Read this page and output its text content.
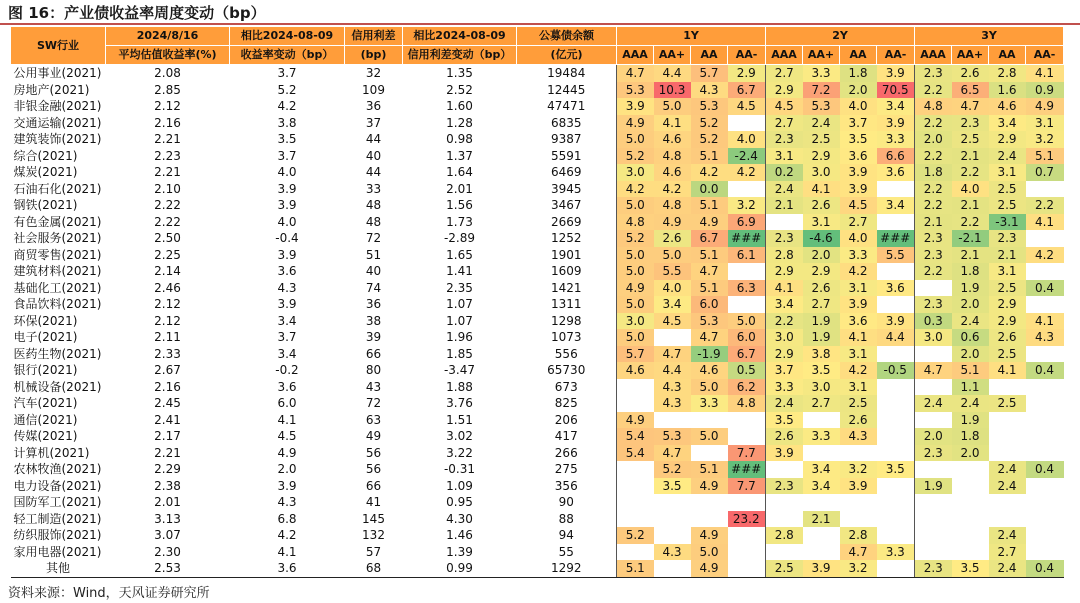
图 16：产业债收益率周度变动（bp）
SW行业	2024/8/16	相比2024-08-09	信用利差	相比2024-08-09	公募债余额	1Y				2Y				3Y			
	平均估值收益率(%)	收益率变动（bp）	(bp)	信用利差变动（bp）	(亿元)	AAA	AA+	AA	AA-	AAA	AA+	AA	AA-	AAA	AA+	AA	AA-
公用事业(2021)	2.08	3.7	32	1.35	19484	4.7	4.4	5.7	2.9	2.7	3.3	1.8	3.9	2.3	2.6	2.8	4.1
房地产(2021)	2.85	5.2	109	2.52	12445	5.3	10.3	4.3	6.7	2.9	7.2	2.0	70.5	2.2	6.5	1.6	0.9
非银金融(2021)	2.12	4.2	36	1.60	47471	3.9	5.0	5.3	4.5	4.5	5.3	4.0	3.4	4.8	4.7	4.6	4.9
交通运输(2021)	2.16	3.8	37	1.28	6835	4.9	4.1	5.2		2.7	2.4	3.7	3.9	2.2	2.3	3.4	3.1
建筑装饰(2021)	2.21	3.5	44	0.98	9387	5.0	4.6	5.2	4.0	2.3	2.5	3.5	3.3	2.0	2.5	2.9	3.2
综合(2021)	2.23	3.7	40	1.37	5591	5.2	4.8	5.1	-2.4	3.1	2.9	3.6	6.6	2.2	2.1	2.4	5.1
煤炭(2021)	2.21	4.0	44	1.64	6469	3.0	4.6	4.2	4.2	0.2	3.0	3.9	3.6	1.8	2.2	3.1	0.7
石油石化(2021)	2.10	3.9	33	2.01	3945	4.2	4.2	0.0		2.4	4.1	3.9		2.2	4.0	2.5	
钢铁(2021)	2.22	3.9	48	1.56	3467	5.0	4.8	5.1	3.2	2.1	2.6	4.5	3.4	2.2	2.1	2.5	2.2
有色金属(2021)	2.22	4.0	48	1.73	2669	4.8	4.9	4.9	6.9		3.1	2.7		2.1	2.2	-3.1	4.1
社会服务(2021)	2.50	-0.4	72	-2.89	1252	5.2	2.6	6.7	###	2.3	-4.6	4.0	###	2.3	-2.1	2.3	
商贸零售(2021)	2.25	3.9	51	1.65	1901	5.0	5.0	5.1	6.1	2.8	2.0	3.3	5.5	2.3	2.1	2.1	4.2
建筑材料(2021)	2.14	3.6	40	1.41	1609	5.0	5.5	4.7		2.9	2.9	4.2		2.2	1.8	3.1	
基础化工(2021)	2.46	4.3	74	2.35	1421	4.9	4.0	5.1	6.3	4.1	2.6	3.1	3.6		1.9	2.5	0.4
食品饮料(2021)	2.12	3.9	36	1.07	1311	5.0	3.4	6.0		3.4	2.7	3.9		2.3	2.0	2.9	
环保(2021)	2.12	3.4	38	1.07	1298	3.0	4.5	5.3	5.0	2.2	1.9	3.6	3.9	0.3	2.4	2.9	4.1
电子(2021)	2.11	3.7	39	1.96	1073	5.0		4.7	6.0	3.0	1.9	4.1	4.4	3.0	0.6	2.6	4.3
医药生物(2021)	2.33	3.4	66	1.85	556	5.7	4.7	-1.9	6.7	2.9	3.8	3.1			2.0	2.5	
银行(2021)	2.67	-0.2	80	-3.47	65730	4.6	4.4	4.6	0.5	3.7	3.5	4.2	-0.5	4.7	5.1	4.1	0.4
机械设备(2021)	2.16	3.6	43	1.88	673		4.3	5.0	6.2	3.3	3.0	3.1			1.1		
汽车(2021)	2.45	6.0	72	3.76	825		4.3	3.3	4.8	2.4	2.7	2.5		2.4	2.4	2.5	
通信(2021)	2.41	4.1	63	1.51	206	4.9				3.5		2.6			1.9		
传媒(2021)	2.17	4.5	49	3.02	417	5.4	5.3	5.0		2.6	3.3	4.3		2.0	1.8		
计算机(2021)	2.21	4.9	56	3.22	266	5.4	4.7		7.7	3.9				2.3	2.0		
农林牧渔(2021)	2.29	2.0	56	-0.31	275		5.2	5.1	###		3.4	3.2	3.5			2.4	0.4
电力设备(2021)	2.38	3.9	66	1.09	356		3.5	4.9	7.7	2.3	3.4	3.9		1.9		2.4	
国防军工(2021)	2.01	4.3	41	0.95	90												
轻工制造(2021)	3.13	6.8	145	4.30	88				23.2		2.1						
纺织服饰(2021)	3.07	4.2	132	1.46	94	5.2		4.9		2.8		2.8				2.4	
家用电器(2021)	2.30	4.1	57	1.39	55		4.3	5.0				4.7	3.3			2.7	
其他	2.53	3.6	68	0.99	1292	5.1		4.9		2.5	3.9	3.2		2.3	3.5	2.4	0.4
资料来源：Wind，天风证券研究所
